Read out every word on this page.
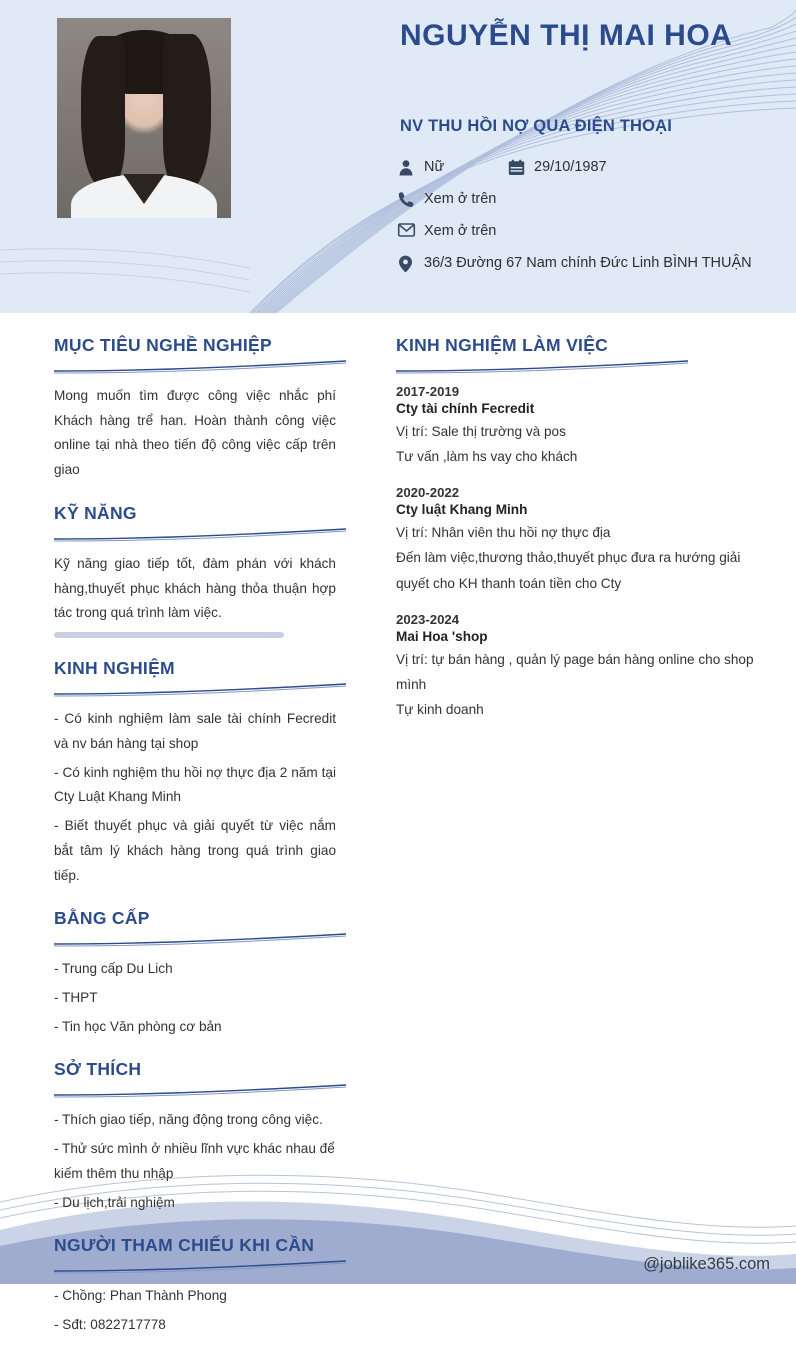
NGUYỄN THỊ MAI HOA
NV THU HỒI NỢ QUA ĐIỆN THOẠI
Nữ	29/10/1987
Xem ở trên
Xem ở trên
36/3 Đường 67 Nam chính Đức Linh BÌNH THUẬN
MỤC TIÊU NGHỀ NGHIỆP

Mong muốn tìm được công việc nhắc phí Khách hàng trể han. Hoàn thành công việc online tại nhà theo tiến độ công việc cấp trên giao

KỸ NĂNG

Kỹ năng giao tiếp tốt, đàm phán với khách hàng,thuyết phục khách hàng thỏa thuận hợp tác trong quá trình làm việc.

KINH NGHIỆM

- Có kinh nghiệm làm sale tài chính Fecredit và nv bán hàng tại shop

- Có kinh nghiệm thu hồi nợ thực địa 2 năm tại Cty Luật Khang Minh

- Biết thuyết phục và giải quyết từ việc nắm bắt tâm lý khách hàng trong quá trình giao tiếp.

BẰNG CẤP

- Trung cấp Du Lich

- THPT

- Tin học Văn phòng cơ bản

SỞ THÍCH

- Thích giao tiếp, năng động trong công việc.

- Thử sức mình ở nhiều lĩnh vực khác nhau để kiếm thêm thu nhập

- Du lịch,trải nghiệm

NGƯỜI THAM CHIẾU KHI CẦN

- Chồng: Phan Thành Phong

- Sđt: 0822717778

KINH NGHIỆM LÀM VIỆC
2017-2019
Cty tài chính Fecredit
Vị trí: Sale thị trường và pos
Tư vấn ,làm hs vay cho khách
2020-2022
Cty luật Khang Minh
Vị trí: Nhân viên thu hồi nợ thực địa
Đến làm việc,thương thảo,thuyết phục đưa ra hướng giải quyết cho KH thanh toán tiền cho Cty
2023-2024
Mai Hoa 'shop
Vị trí: tự bán hàng , quản lý page bán hàng online cho shop mình
Tự kinh doanh
@joblike365.com
